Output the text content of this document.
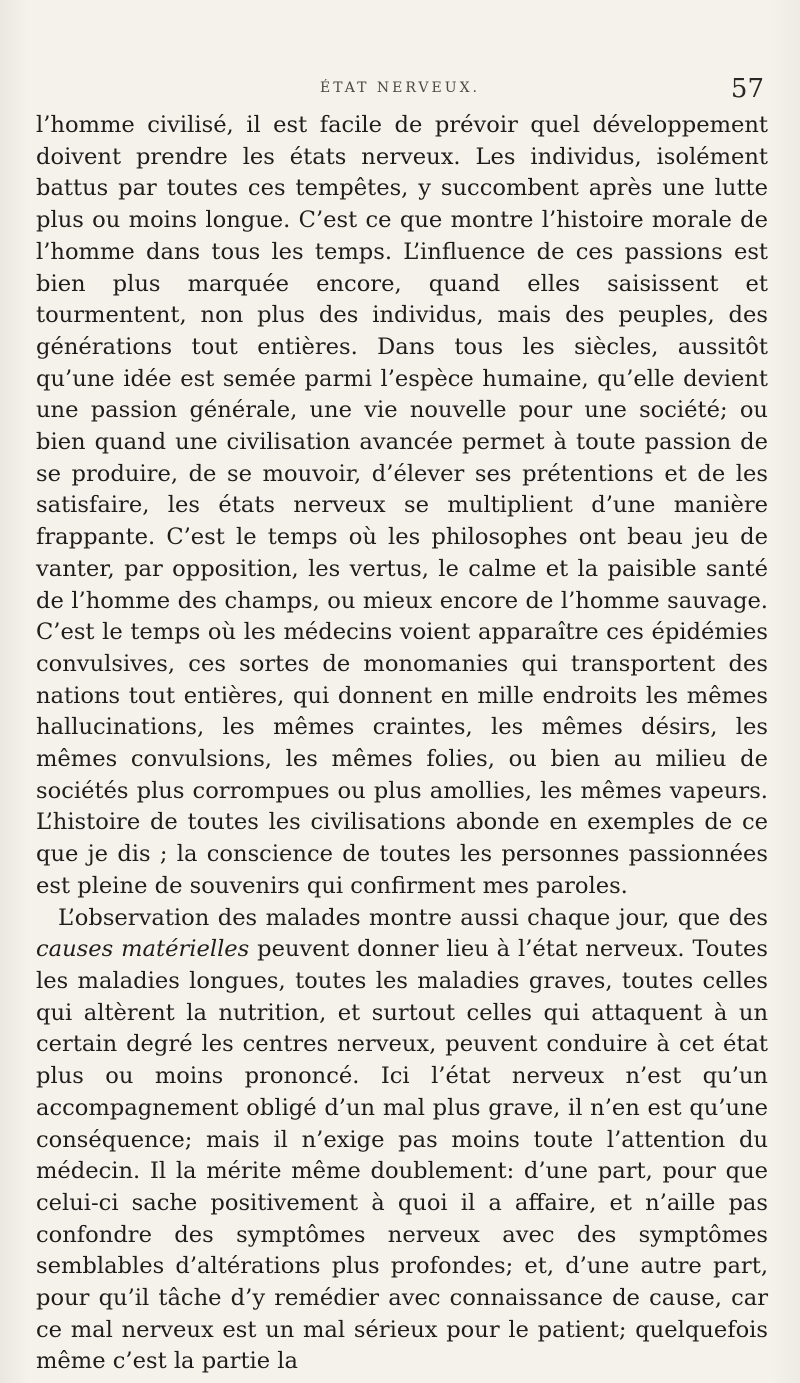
ÉTAT NERVEUX.	57

l’homme civilisé, il est facile de prévoir quel développement doivent prendre les états nerveux. Les individus, isolément battus par toutes ces tempêtes, y succombent après une lutte plus ou moins longue. C’est ce que montre l’histoire morale de l’homme dans tous les temps. L’influence de ces passions est bien plus marquée encore, quand elles saisissent et tourmentent, non plus des individus, mais des peuples, des générations tout entières. Dans tous les siècles, aussitôt qu’une idée est semée parmi l’espèce humaine, qu’elle devient une passion générale, une vie nouvelle pour une société; ou bien quand une civilisation avancée permet à toute passion de se produire, de se mouvoir, d’élever ses prétentions et de les satisfaire, les états nerveux se multiplient d’une manière frappante. C’est le temps où les philosophes ont beau jeu de vanter, par opposition, les vertus, le calme et la paisible santé de l’homme des champs, ou mieux encore de l’homme sauvage. C’est le temps où les médecins voient apparaître ces épidémies convulsives, ces sortes de monomanies qui transportent des nations tout entières, qui donnent en mille endroits les mêmes hallucinations, les mêmes craintes, les mêmes désirs, les mêmes convulsions, les mêmes folies, ou bien au milieu de sociétés plus corrompues ou plus amollies, les mêmes vapeurs. L’histoire de toutes les civilisations abonde en exemples de ce que je dis ; la conscience de toutes les personnes passionnées est pleine de souvenirs qui confirment mes paroles.

L’observation des malades montre aussi chaque jour, que des causes matérielles peuvent donner lieu à l’état nerveux. Toutes les maladies longues, toutes les maladies graves, toutes celles qui altèrent la nutrition, et surtout celles qui attaquent à un certain degré les centres nerveux, peuvent conduire à cet état plus ou moins prononcé. Ici l’état nerveux n’est qu’un accompagnement obligé d’un mal plus grave, il n’en est qu’une conséquence; mais il n’exige pas moins toute l’attention du médecin. Il la mérite même doublement: d’une part, pour que celui-ci sache positivement à quoi il a affaire, et n’aille pas confondre des symptômes nerveux avec des symptômes semblables d’altérations plus profondes; et, d’une autre part, pour qu’il tâche d’y remédier avec connaissance de cause, car ce mal nerveux est un mal sérieux pour le patient; quelquefois même c’est la partie la
